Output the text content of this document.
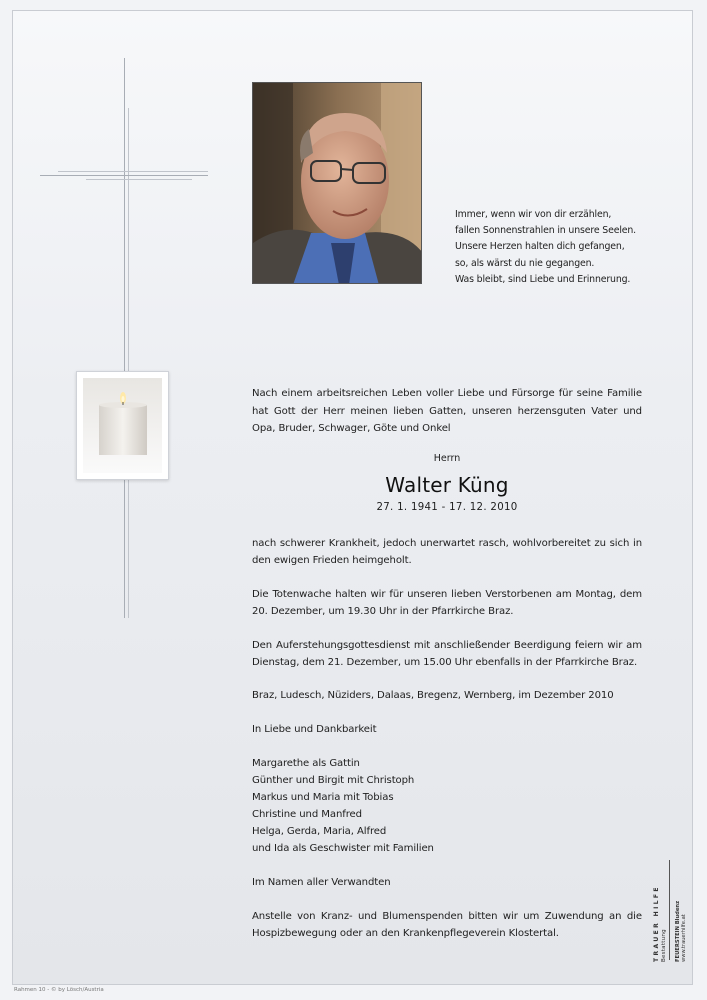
Immer, wenn wir von dir erzählen,
fallen Sonnenstrahlen in unsere Seelen.
Unsere Herzen halten dich gefangen,
so, als wärst du nie gegangen.
Was bleibt, sind Liebe und Erinnerung.
Nach einem arbeitsreichen Leben voller Liebe und Fürsorge für seine Familie hat Gott der Herr meinen lieben Gatten, unseren herzensguten Vater und Opa, Bruder, Schwager, Göte und Onkel
Herrn
Walter Küng
27. 1. 1941 - 17. 12. 2010

nach schwerer Krankheit, jedoch unerwartet rasch, wohlvorbereitet zu sich in den ewigen Frieden heimgeholt.

Die Totenwache halten wir für unseren lieben Verstorbenen am Montag, dem 20. Dezember, um 19.30 Uhr in der Pfarrkirche Braz.

Den Auferstehungsgottesdienst mit anschließender Beerdigung feiern wir am Dienstag, dem 21. Dezember, um 15.00 Uhr ebenfalls in der Pfarrkirche Braz.

Braz, Ludesch, Nüziders, Dalaas, Bregenz, Wernberg, im Dezember 2010

In Liebe und Dankbarkeit

Margarethe als Gattin
Günther und Birgit mit Christoph
Markus und Maria mit Tobias
Christine und Manfred
Helga, Gerda, Maria, Alfred
und Ida als Geschwister mit Familien

Im Namen aller Verwandten

Anstelle von Kranz- und Blumenspenden bitten wir um Zuwendung an die Hospizbewegung oder an den Krankenpflegeverein Klostertal.	TRAUER HILFE Bestattung FEUERSTEIN Bludenz www.trauerhilfe.at
Rahmen 10 - © by Lösch/Austria
